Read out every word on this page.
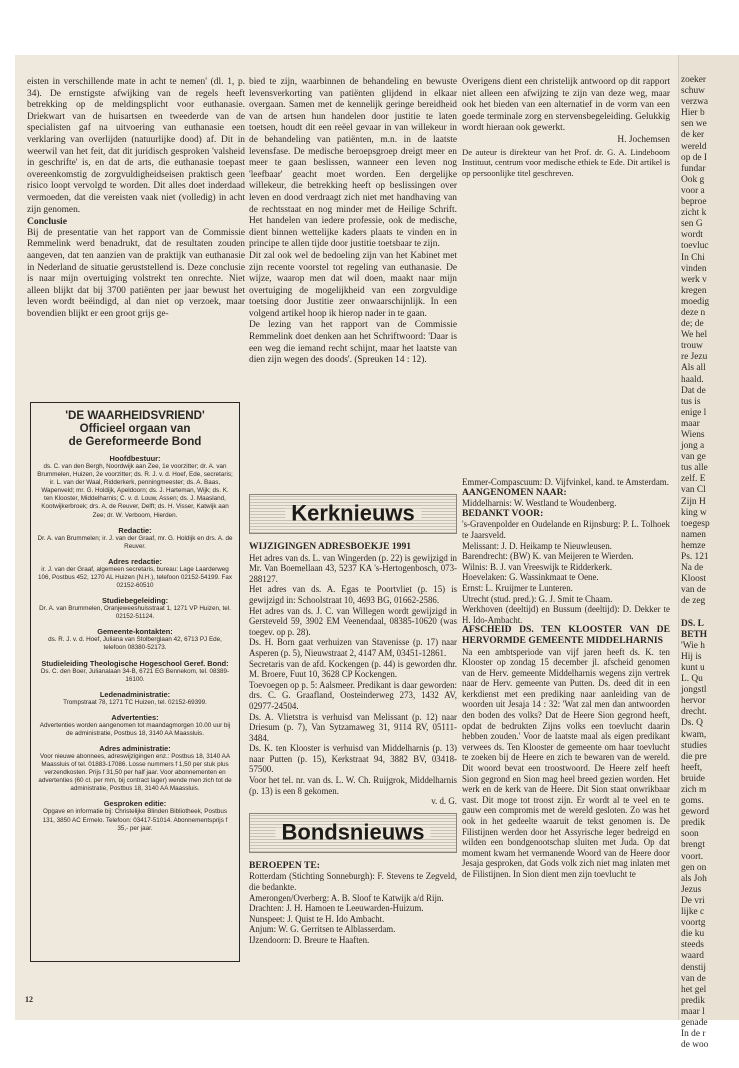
eisten in verschillende mate in acht te nemen' (dl. 1, p. 34). De ernstigste afwijking van de regels heeft betrekking op de meldingsplicht voor euthanasie. Driekwart van de huisartsen en tweederde van de specialisten gaf na uitvoering van euthanasie een verklaring van overlijden (natuurlijke dood) af. Dit in weerwil van het feit, dat dit juridisch gesproken 'valsheid in geschrifte' is, en dat de arts, die euthanasie toepast overeenkomstig de zorgvuldigheidseisen praktisch geen risico loopt vervolgd te worden. Dit alles doet inderdaad vermoeden, dat die vereisten vaak niet (volledig) in acht zijn genomen.

Conclusie

Bij de presentatie van het rapport van de Commissie Remmelink werd benadrukt, dat de resultaten zouden aangeven, dat ten aanzien van de praktijk van euthanasie in Nederland de situatie geruststellend is. Deze conclusie is naar mijn overtuiging volstrekt ten onrechte. Niet alleen blijkt dat bij 3700 patiënten per jaar bewust het leven wordt beëindigd, al dan niet op verzoek, maar bovendien blijkt er een groot grijs ge-

bied te zijn, waarbinnen de behandeling en bewuste levensverkorting van patiënten glijdend in elkaar overgaan. Samen met de kennelijk geringe bereidheid van de artsen hun handelen door justitie te laten toetsen, houdt dit een reëel gevaar in van willekeur in de behandeling van patiënten, m.n. in de laatste levensfase. De medische beroepsgroep dreigt meer en meer te gaan beslissen, wanneer een leven nog 'leefbaar' geacht moet worden. Een dergelijke willekeur, die betrekking heeft op beslissingen over leven en dood verdraagt zich niet met handhaving van de rechtsstaat en nog minder met de Heilige Schrift. Het handelen van iedere professie, ook de medische, dient binnen wettelijke kaders plaats te vinden en in principe te allen tijde door justitie toetsbaar te zijn.

Dit zal ook wel de bedoeling zijn van het Kabinet met zijn recente voorstel tot regeling van euthanasie. De wijze, waarop men dat wil doen, maakt naar mijn overtuiging de mogelijkheid van een zorgvuldige toetsing door Justitie zeer onwaarschijnlijk. In een volgend artikel hoop ik hierop nader in te gaan.

De lezing van het rapport van de Commissie Remmelink doet denken aan het Schriftwoord: 'Daar is een weg die iemand recht schijnt, maar het laatste van dien zijn wegen des doods'. (Spreuken 14 : 12).

Overigens dient een christelijk antwoord op dit rapport niet alleen een afwijzing te zijn van deze weg, maar ook het bieden van een alternatief in de vorm van een goede terminale zorg en stervensbegeleiding. Gelukkig wordt hieraan ook gewerkt.

H. Jochemsen

De auteur is direkteur van het Prof. dr. G. A. Lindeboom Instituut, centrum voor medische ethiek te Ede. Dit artikel is op persoonlijke titel geschreven.

'DE WAARHEIDSVRIEND'
Officieel orgaan van
de Gereformeerde Bond
Hoofdbestuur:
ds. C. van den Bergh, Noordwijk aan Zee, 1e voorzitter; dr. A. van Brummelen, Huizen, 2e voorzitter; ds. R. J. v. d. Hoef, Ede, secretaris; ir. L. van der Waal, Ridderkerk, penningmeester; ds. A. Baas, Wapenveld; mr. G. Holdijk, Apeldoorn; ds. J. Harteman, Wijk; ds. K. ten Klooster, Middelharnis; C. v. d. Louw, Assen; ds. J. Maasland, Kootwijkerbroek; drs. A. de Reuver, Delft; ds. H. Visser, Katwijk aan Zee; dr. W. Verboom, Hierden.
Redactie:
Dr. A. van Brummelen; ir. J. van der Graaf, mr. G. Holdijk en drs. A. de Reuver.
Adres redactie:
ir. J. van der Graaf, algemeen secretaris, bureau: Lage Laarderweg 106, Postbus 452, 1270 AL Huizen (N.H.), telefoon 02152-54199. Fax 02152-60510
Studiebegeleiding:
Dr. A. van Brummelen, Oranjeweeshuisstraat 1, 1271 VP Huizen, tel. 02152-51124.
Gemeente-kontakten:
ds. R. J. v. d. Hoef, Juliana van Stolberglaan 42, 6713 PJ Ede, telefoon 08380-52173.
Studieleiding Theologische Hogeschool Geref. Bond:
Ds. C. den Boer, Julianalaan 34-B, 6721 EG Bennekom, tel. 08389-16100.
Ledenadministratie:
Trompstraat 78, 1271 TC Huizen, tel. 02152-69399.
Advertenties:
Advertenties worden aangenomen tot maandagmorgen 10.00 uur bij de administratie, Postbus 18, 3140 AA Maassluis.
Adres administratie:
Voor nieuwe abonnees, adreswijzigingen enz.: Postbus 18, 3140 AA Maassluis of tel. 01883-17086. Losse nummers f 1,50 per stuk plus verzendkosten. Prijs f 31,50 per half jaar. Voor abonnementen en advertenties (60 ct. per mm, bij contract lager) wende men zich tot de administratie, Postbus 18, 3140 AA Maassluis.
Gesproken editie:
Opgave en informatie bij: Christelijke Blinden Bibliotheek, Postbus 131, 3850 AC Ermelo. Telefoon: 03417-51014. Abonnementsprijs f 35,- per jaar.
Kerknieuws

WIJZIGINGEN ADRESBOEKJE 1991

Het adres van ds. L. van Wingerden (p. 22) is gewijzigd in Mr. Van Boemellaan 43, 5237 KA 's-Hertogenbosch, 073-288127.

Het adres van ds. A. Egas te Poortvliet (p. 15) is gewijzigd in: Schoolstraat 10, 4693 BG, 01662-2586.

Het adres van ds. J. C. van Willegen wordt gewijzigd in Gersteveld 59, 3902 EM Veenendaal, 08385-10620 (was toegev. op p. 28).

Ds. H. Born gaat verhuizen van Stavenisse (p. 17) naar Asperen (p. 5), Nieuwstraat 2, 4147 AM, 03451-12861.

Secretaris van de afd. Kockengen (p. 44) is geworden dhr. M. Broere, Fuut 10, 3628 CP Kockengen.

Toevoegen op p. 5: Aalsmeer. Predikant is daar geworden: drs. C. G. Graafland, Oosteinderweg 273, 1432 AV, 02977-24504.

Ds. A. Vlietstra is verhuisd van Melissant (p. 12) naar Driesum (p. 7), Van Sytzamaweg 31, 9114 RV, 05111-3484.

Ds. K. ten Klooster is verhuisd van Middelharnis (p. 13) naar Putten (p. 15), Kerkstraat 94, 3882 BV, 03418-57500.

Voor het tel. nr. van ds. L. W. Ch. Ruijgrok, Middelharnis (p. 13) is een 8 gekomen.

v. d. G.

Bondsnieuws

BEROEPEN TE:

Rotterdam (Stichting Sonneburgh): F. Stevens te Zegveld, die bedankte.

Amerongen/Overberg: A. B. Sloof te Katwijk a/d Rijn.

Drachten: J. H. Hamoen te Leeuwarden-Huizum.

Nunspeet: J. Quist te H. Ido Ambacht.

Anjum: W. G. Gerritsen te Alblasserdam.

IJzendoorn: D. Breure te Haaften.

Emmer-Compascuum: D. Vijfvinkel, kand. te Amsterdam.

AANGENOMEN NAAR:

Middelharnis: W. Westland te Woudenberg.

BEDANKT VOOR:

's-Gravenpolder en Oudelande en Rijnsburg: P. L. Tolhoek te Jaarsveld.

Melissant: J. D. Heikamp te Nieuwleusen.

Barendrecht: (BW) K. van Meijeren te Wierden.

Wilnis: B. J. van Vreeswijk te Ridderkerk.

Hoevelaken: G. Wassinkmaat te Oene.

Ernst: L. Kruijmer te Lunteren.

Utrecht (stud. pred.): G. J. Smit te Chaam.

Werkhoven (deeltijd) en Bussum (deeltijd): D. Dekker te H. Ido-Ambacht.

AFSCHEID DS. TEN KLOOSTER VAN DE HERVORMDE GEMEENTE MIDDELHARNIS

Na een ambtsperiode van vijf jaren heeft ds. K. ten Klooster op zondag 15 december jl. afscheid genomen van de Herv. gemeente Middelharnis wegens zijn vertrek naar de Herv. gemeente van Putten. Ds. deed dit in een kerkdienst met een prediking naar aanleiding van de woorden uit Jesaja 14 : 32: 'Wat zal men dan antwoorden den boden des volks? Dat de Heere Sion gegrond heeft, opdat de bedrukten Zijns volks een toevlucht daarin hebben zouden.' Voor de laatste maal als eigen predikant verwees ds. Ten Klooster de gemeente om haar toevlucht te zoeken bij de Heere en zich te bewaren van de wereld. Dit woord bevat een troostwoord. De Heere zelf heeft Sion gegrond en Sion mag heel breed gezien worden. Het werk en de kerk van de Heere. Dit Sion staat onwrikbaar vast. Dit moge tot troost zijn. Er wordt al te veel en te gauw een compromis met de wereld gesloten. Zo was het ook in het gedeelte waaruit de tekst genomen is. De Filistijnen werden door het Assyrische leger bedreigd en wilden een bondgenootschap sluiten met Juda. Op dat moment kwam het vermanende Woord van de Heere door Jesaja gesproken, dat Gods volk zich niet mag inlaten met de Filistijnen. In Sion dient men zijn toevlucht te

12
zoeker
schuw
verzwa
Hier b
sen we
de ker
wereld
op de I
fundar
Ook g
voor a
beproe
zicht k
sen G
wordt
toevluc
In Chi
vinden
werk v
kregen
moedig
deze n
de; de
We hel
trouw
re Jezu
Als all
haald.
Dat de
tus is
enige l
maar
Wiens
jong a
van ge
tus alle
zelf. E
van Cl
Zijn H
king w
toegesp
namen
hemze
Ps. 121
Na de
Kloost
van de
de zeg

DS. L
BETH
'Wie h
Hij is
kunt u
L. Qu
jongstl
hervor
drecht.
Ds. Q
kwam,
studies
die pre
heeft,
bruide
zich m
goms.
geword
predik
soon
brengt
voort.
gen on
als Joh
Jezus
De vri
lijke c
voortg
die ku
steeds
waard
denstij
van de
het gel
predik
maar l
genade
In de r
de woo
